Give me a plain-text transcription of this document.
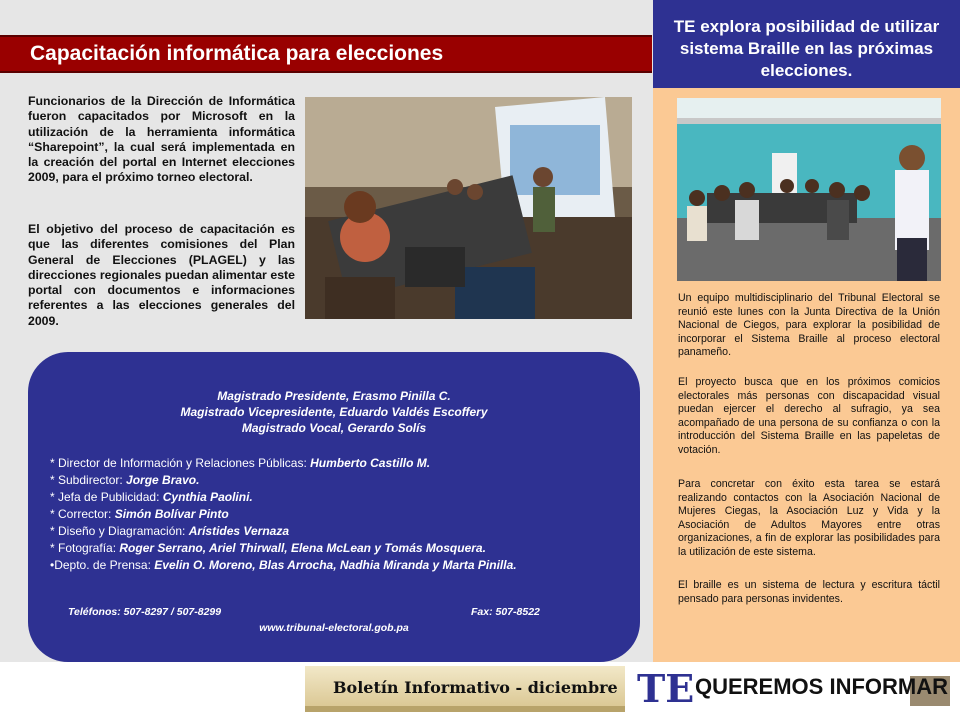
Capacitación informática para elecciones
Funcionarios de la Dirección de Informática fueron capacitados por Microsoft en la utilización de la herramienta informática “Sharepoint”, la cual será implementada en la creación del portal en Internet elecciones 2009, para el próximo torneo electoral.
El objetivo del proceso de capacitación es que las diferentes comisiones del Plan General de Elecciones (PLAGEL) y las direcciones regionales puedan alimentar este portal con documentos e informaciones referentes a las elecciones generales del 2009.
Magistrado Presidente, Erasmo Pinilla C.
Magistrado Vicepresidente, Eduardo Valdés Escoffery
Magistrado Vocal, Gerardo Solís
* Director de Información y Relaciones Públicas: Humberto Castillo M.
* Subdirector: Jorge Bravo.
* Jefa de Publicidad: Cynthia Paolini.
* Corrector: Simón Bolívar Pinto
* Diseño y Diagramación: Arístides Vernaza
* Fotografía: Roger Serrano, Ariel Thirwall, Elena McLean y Tomás Mosquera.
•Depto. de Prensa: Evelin O. Moreno, Blas Arrocha, Nadhia Miranda y Marta Pinilla.
Teléfonos: 507-8297 / 507-8299	Fax: 507-8522
www.tribunal-electoral.gob.pa
TE explora posibilidad de utilizar sistema Braille en las próximas elecciones.
Un equipo multidisciplinario del Tribunal Electoral se reunió este lunes con la Junta Directiva de la Unión Nacional de Ciegos, para explorar la posibilidad de incorporar el Sistema Braille al proceso electoral panameño.
El proyecto busca que en los próximos comicios electorales más personas con discapacidad visual puedan ejercer el derecho al sufragio, ya sea acompañado de una persona de su confianza o con la introducción del Sistema Braille en las papeletas de votación.
Para concretar con éxito esta tarea se estará realizando contactos con la Asociación Nacional de Mujeres Ciegas, la Asociación Luz y Vida y la Asociación de Adultos Mayores entre otras organizaciones, a fin de explorar las posibilidades para la utilización de este sistema.
El braille es un sistema de lectura y escritura táctil pensado para personas invidentes.
Boletín Informativo - diciembre TE QUEREMOS INFORMAR
